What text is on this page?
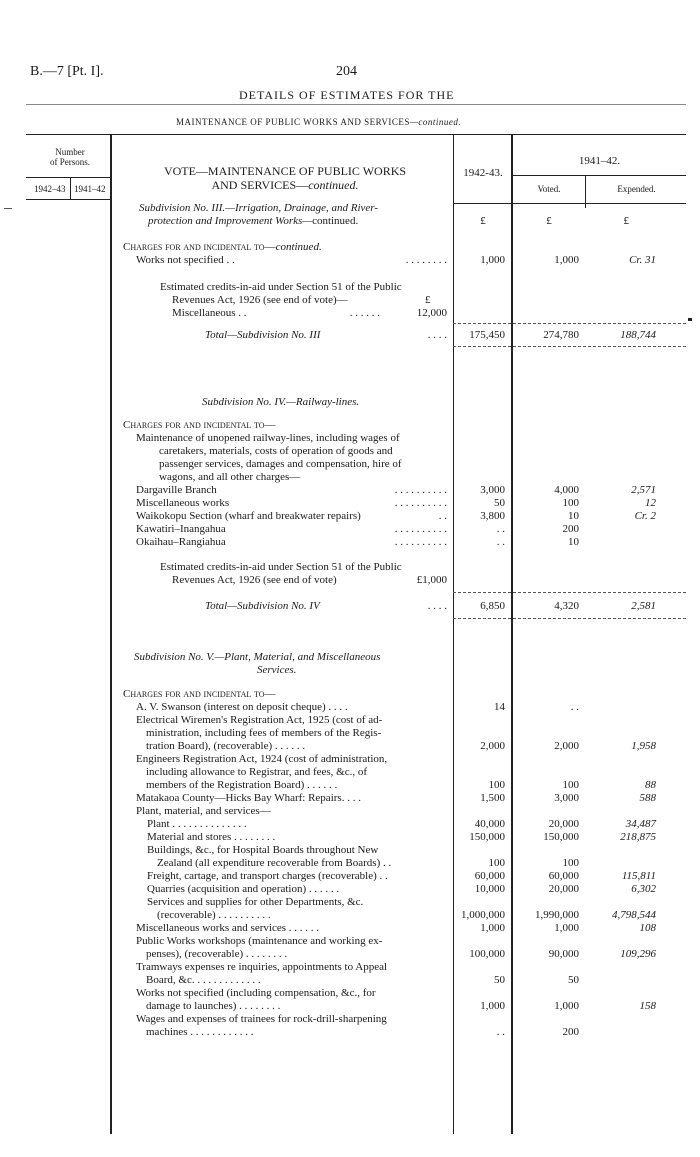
B.—7 [Pt. I].	204
DETAILS OF ESTIMATES FOR THE
MAINTENANCE OF PUBLIC WORKS AND SERVICES—continued.
Number
of Persons.
1942–43 1941–42
VOTE—MAINTENANCE OF PUBLIC WORKS
AND SERVICES—continued.
1942-43.
1941–42.
Voted.	Expended.
Subdivision No. III.—Irrigation, Drainage, and River-
protection and Improvement Works—continued.	£	£	£
Charges for and incidental to—continued.
Works not specified . .	. . . . . . . .	1,000	1,000	Cr. 31
Estimated credits-in-aid under Section 51 of the Public
Revenues Act, 1926 (see end of vote)—	£
Miscellaneous . .	. . . . . .	12,000
Total—Subdivision No. III	. . . .	175,450	274,780	188,744
Subdivision No. IV.—Railway-lines.
Charges for and incidental to—
Maintenance of unopened railway-lines, including wages of
caretakers, materials, costs of operation of goods and
passenger services, damages and compensation, hire of
wagons, and all other charges—
Dargaville Branch	. . . . . . . . . .	3,000	4,000	2,571
Miscellaneous works	. . . . . . . . . .	50	100	12
Waikokopu Section (wharf and breakwater repairs)	. .	3,800	10	Cr. 2
Kawatiri–Inangahua	. . . . . . . . . .	. .	200
Okaihau–Rangiahua	. . . . . . . . . .	. .	10
Estimated credits-in-aid under Section 51 of the Public
Revenues Act, 1926 (see end of vote)	£1,000
Total—Subdivision No. IV	. . . .	6,850	4,320	2,581
Subdivision No. V.—Plant, Material, and Miscellaneous
Services.
Charges for and incidental to—
A. V. Swanson (interest on deposit cheque) . . . .	14	. .
Electrical Wiremen's Registration Act, 1925 (cost of ad-
ministration, including fees of members of the Regis-
tration Board), (recoverable) . . . . . .	2,000	2,000	1,958
Engineers Registration Act, 1924 (cost of administration,
including allowance to Registrar, and fees, &c., of
members of the Registration Board) . . . . . .	100	100	88
Matakaoa County—Hicks Bay Wharf: Repairs. . . .	1,500	3,000	588
Plant, material, and services—
Plant . . . . . . . . . . . . . .	40,000	20,000	34,487
Material and stores . . . . . . . .	150,000	150,000	218,875
Buildings, &c., for Hospital Boards throughout New
Zealand (all expenditure recoverable from Boards) . .	100	100
Freight, cartage, and transport charges (recoverable) . .	60,000	60,000	115,811
Quarries (acquisition and operation) . . . . . .	10,000	20,000	6,302
Services and supplies for other Departments, &c.
(recoverable) . . . . . . . . . .	1,000,000	1,990,000	4,798,544
Miscellaneous works and services . . . . . .	1,000	1,000	108
Public Works workshops (maintenance and working ex-
penses), (recoverable) . . . . . . . .	100,000	90,000	109,296
Tramways expenses re inquiries, appointments to Appeal
Board, &c. . . . . . . . . . . . .	50	50
Works not specified (including compensation, &c., for
damage to launches) . . . . . . . .	1,000	1,000	158
Wages and expenses of trainees for rock-drill-sharpening
machines . . . . . . . . . . . .	. .	200
